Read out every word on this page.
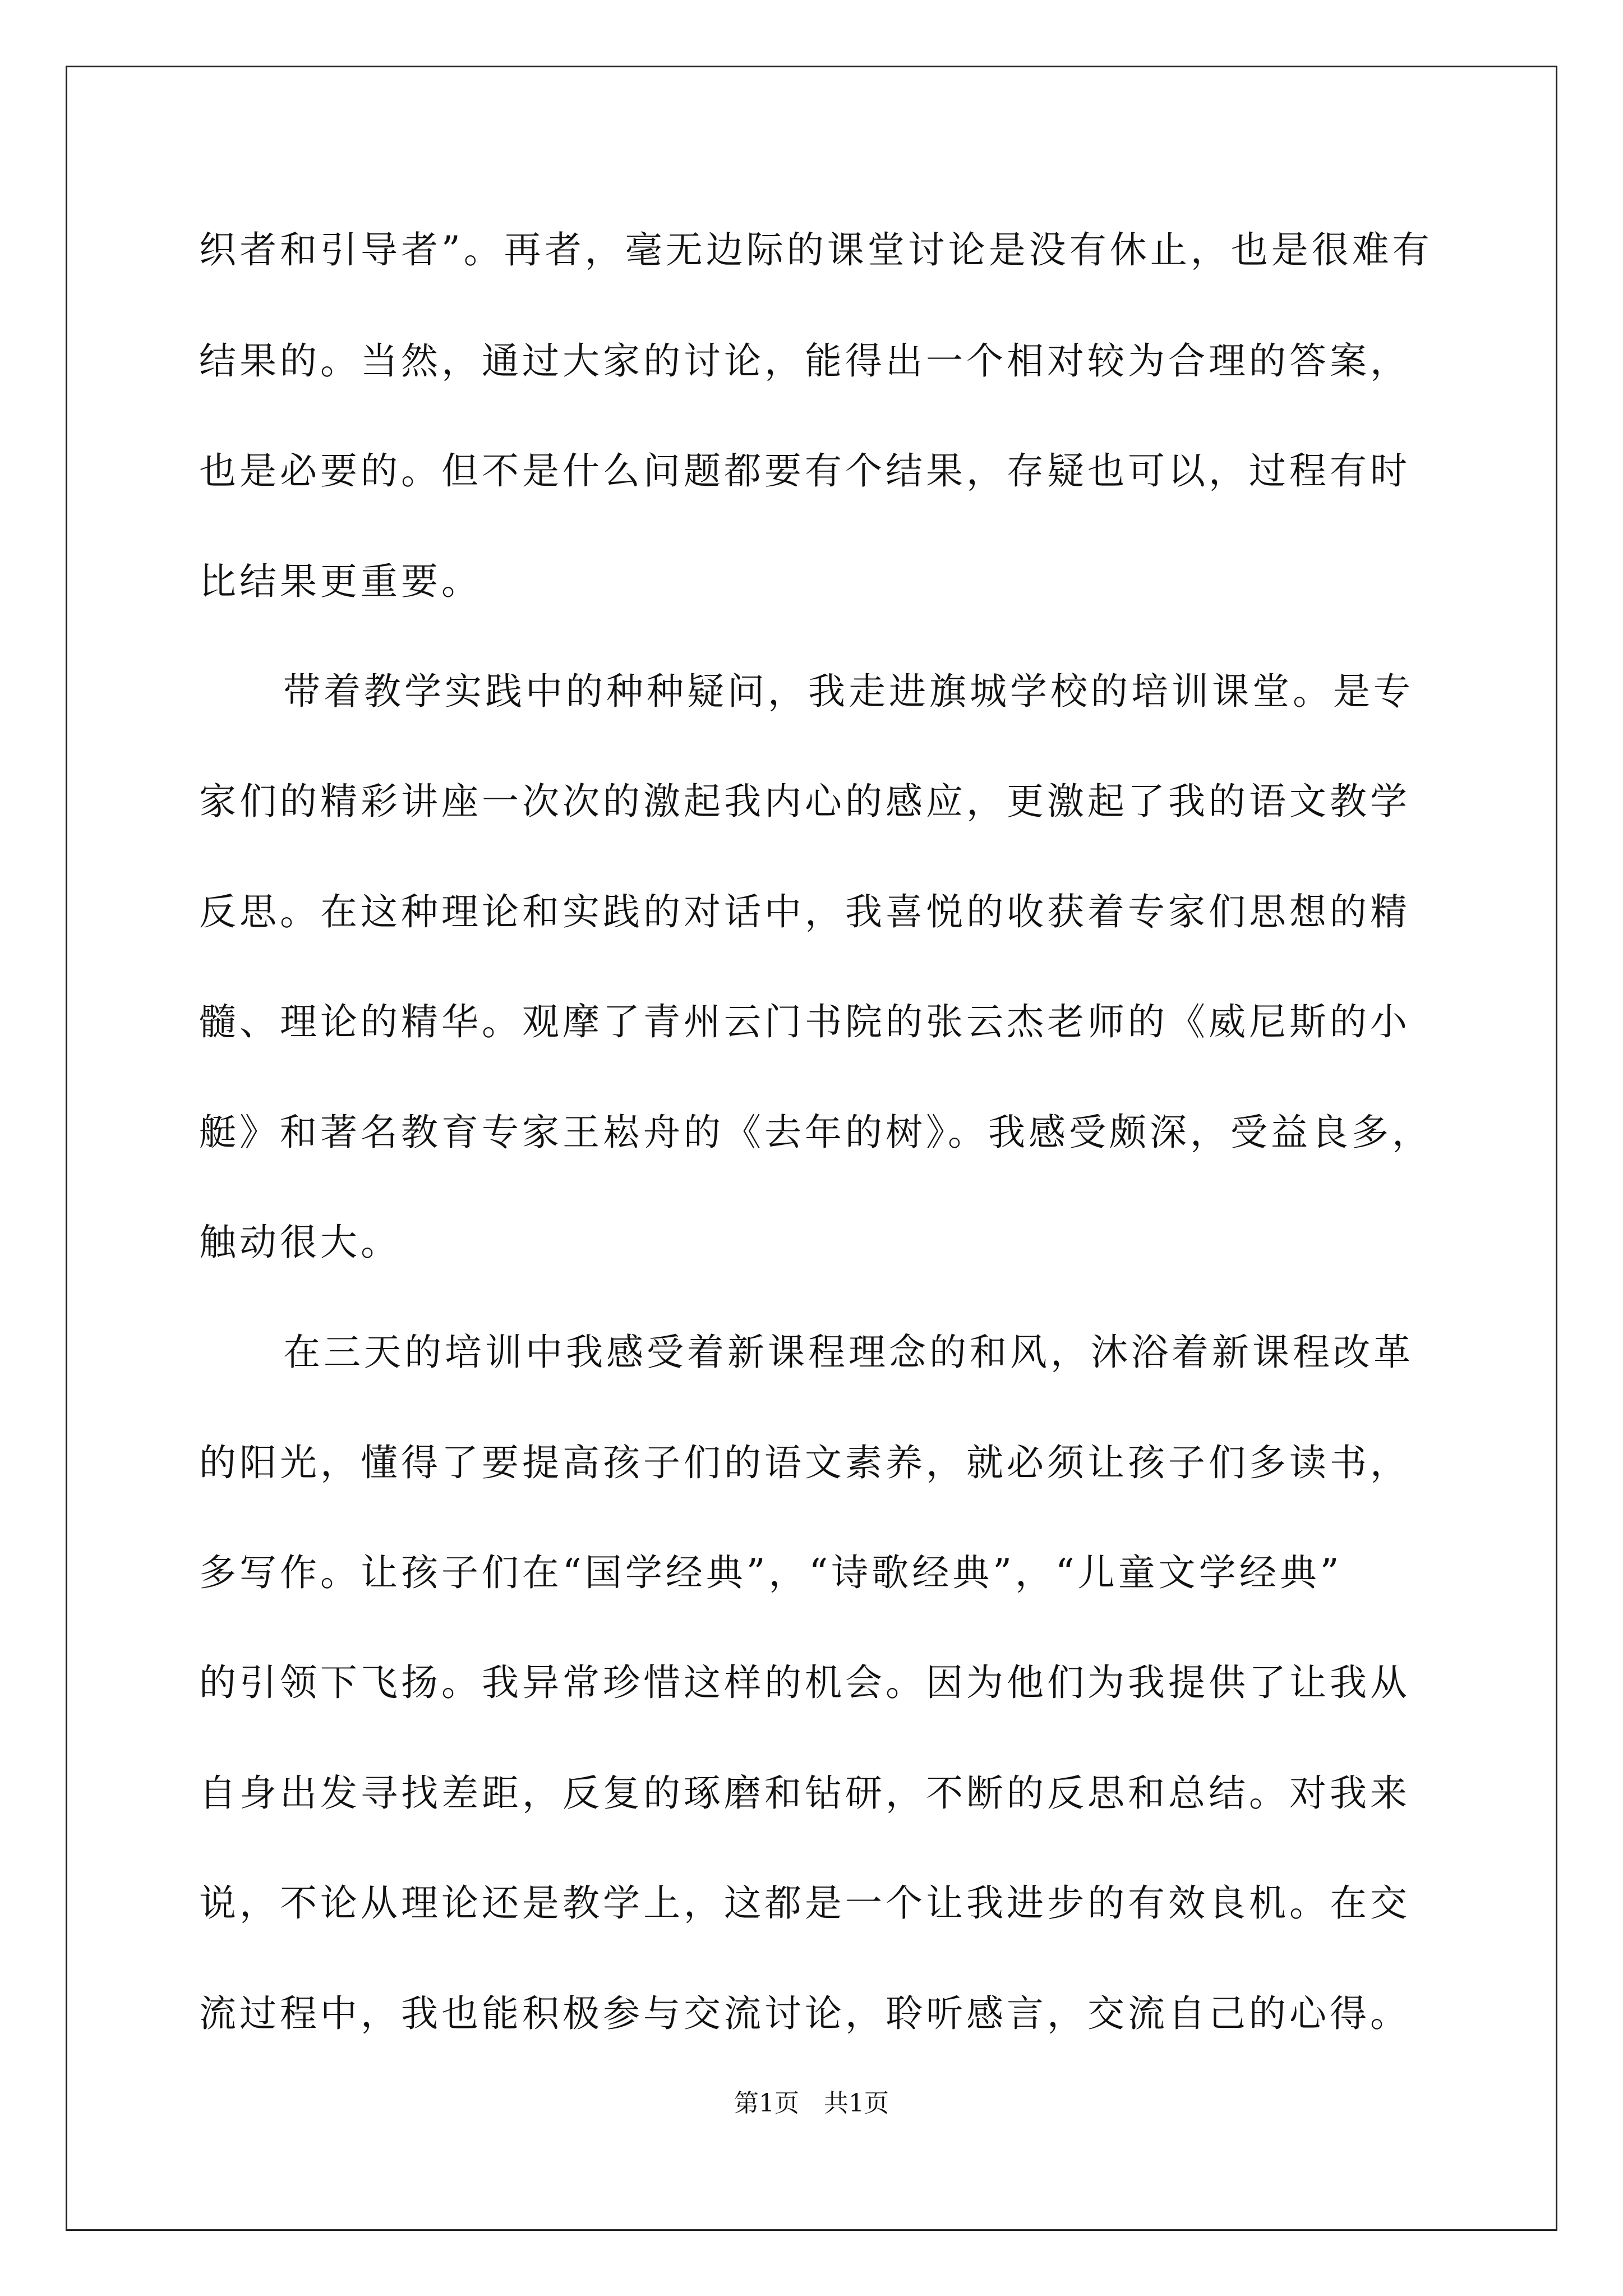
织者和引导者”。再者，毫无边际的课堂讨论是没有休止，也是很难有
结果的。当然，通过大家的讨论，能得出一个相对较为合理的答案，
也是必要的。但不是什么问题都要有个结果，存疑也可以，过程有时
比结果更重要。
带着教学实践中的种种疑问，我走进旗城学校的培训课堂。是专
家们的精彩讲座一次次的激起我内心的感应，更激起了我的语文教学
反思。在这种理论和实践的对话中，我喜悦的收获着专家们思想的精
髓、理论的精华。观摩了青州云门书院的张云杰老师的《威尼斯的小
艇》和著名教育专家王崧舟的《去年的树》。我感受颇深，受益良多，
触动很大。
在三天的培训中我感受着新课程理念的和风，沐浴着新课程改革
的阳光，懂得了要提高孩子们的语文素养，就必须让孩子们多读书，
多写作。让孩子们在“国学经典”，“诗歌经典”，“儿童文学经典”
的引领下飞扬。我异常珍惜这样的机会。因为他们为我提供了让我从
自身出发寻找差距，反复的琢磨和钻研，不断的反思和总结。对我来
说，不论从理论还是教学上，这都是一个让我进步的有效良机。在交
流过程中，我也能积极参与交流讨论，聆听感言，交流自己的心得。
第1页　共1页
